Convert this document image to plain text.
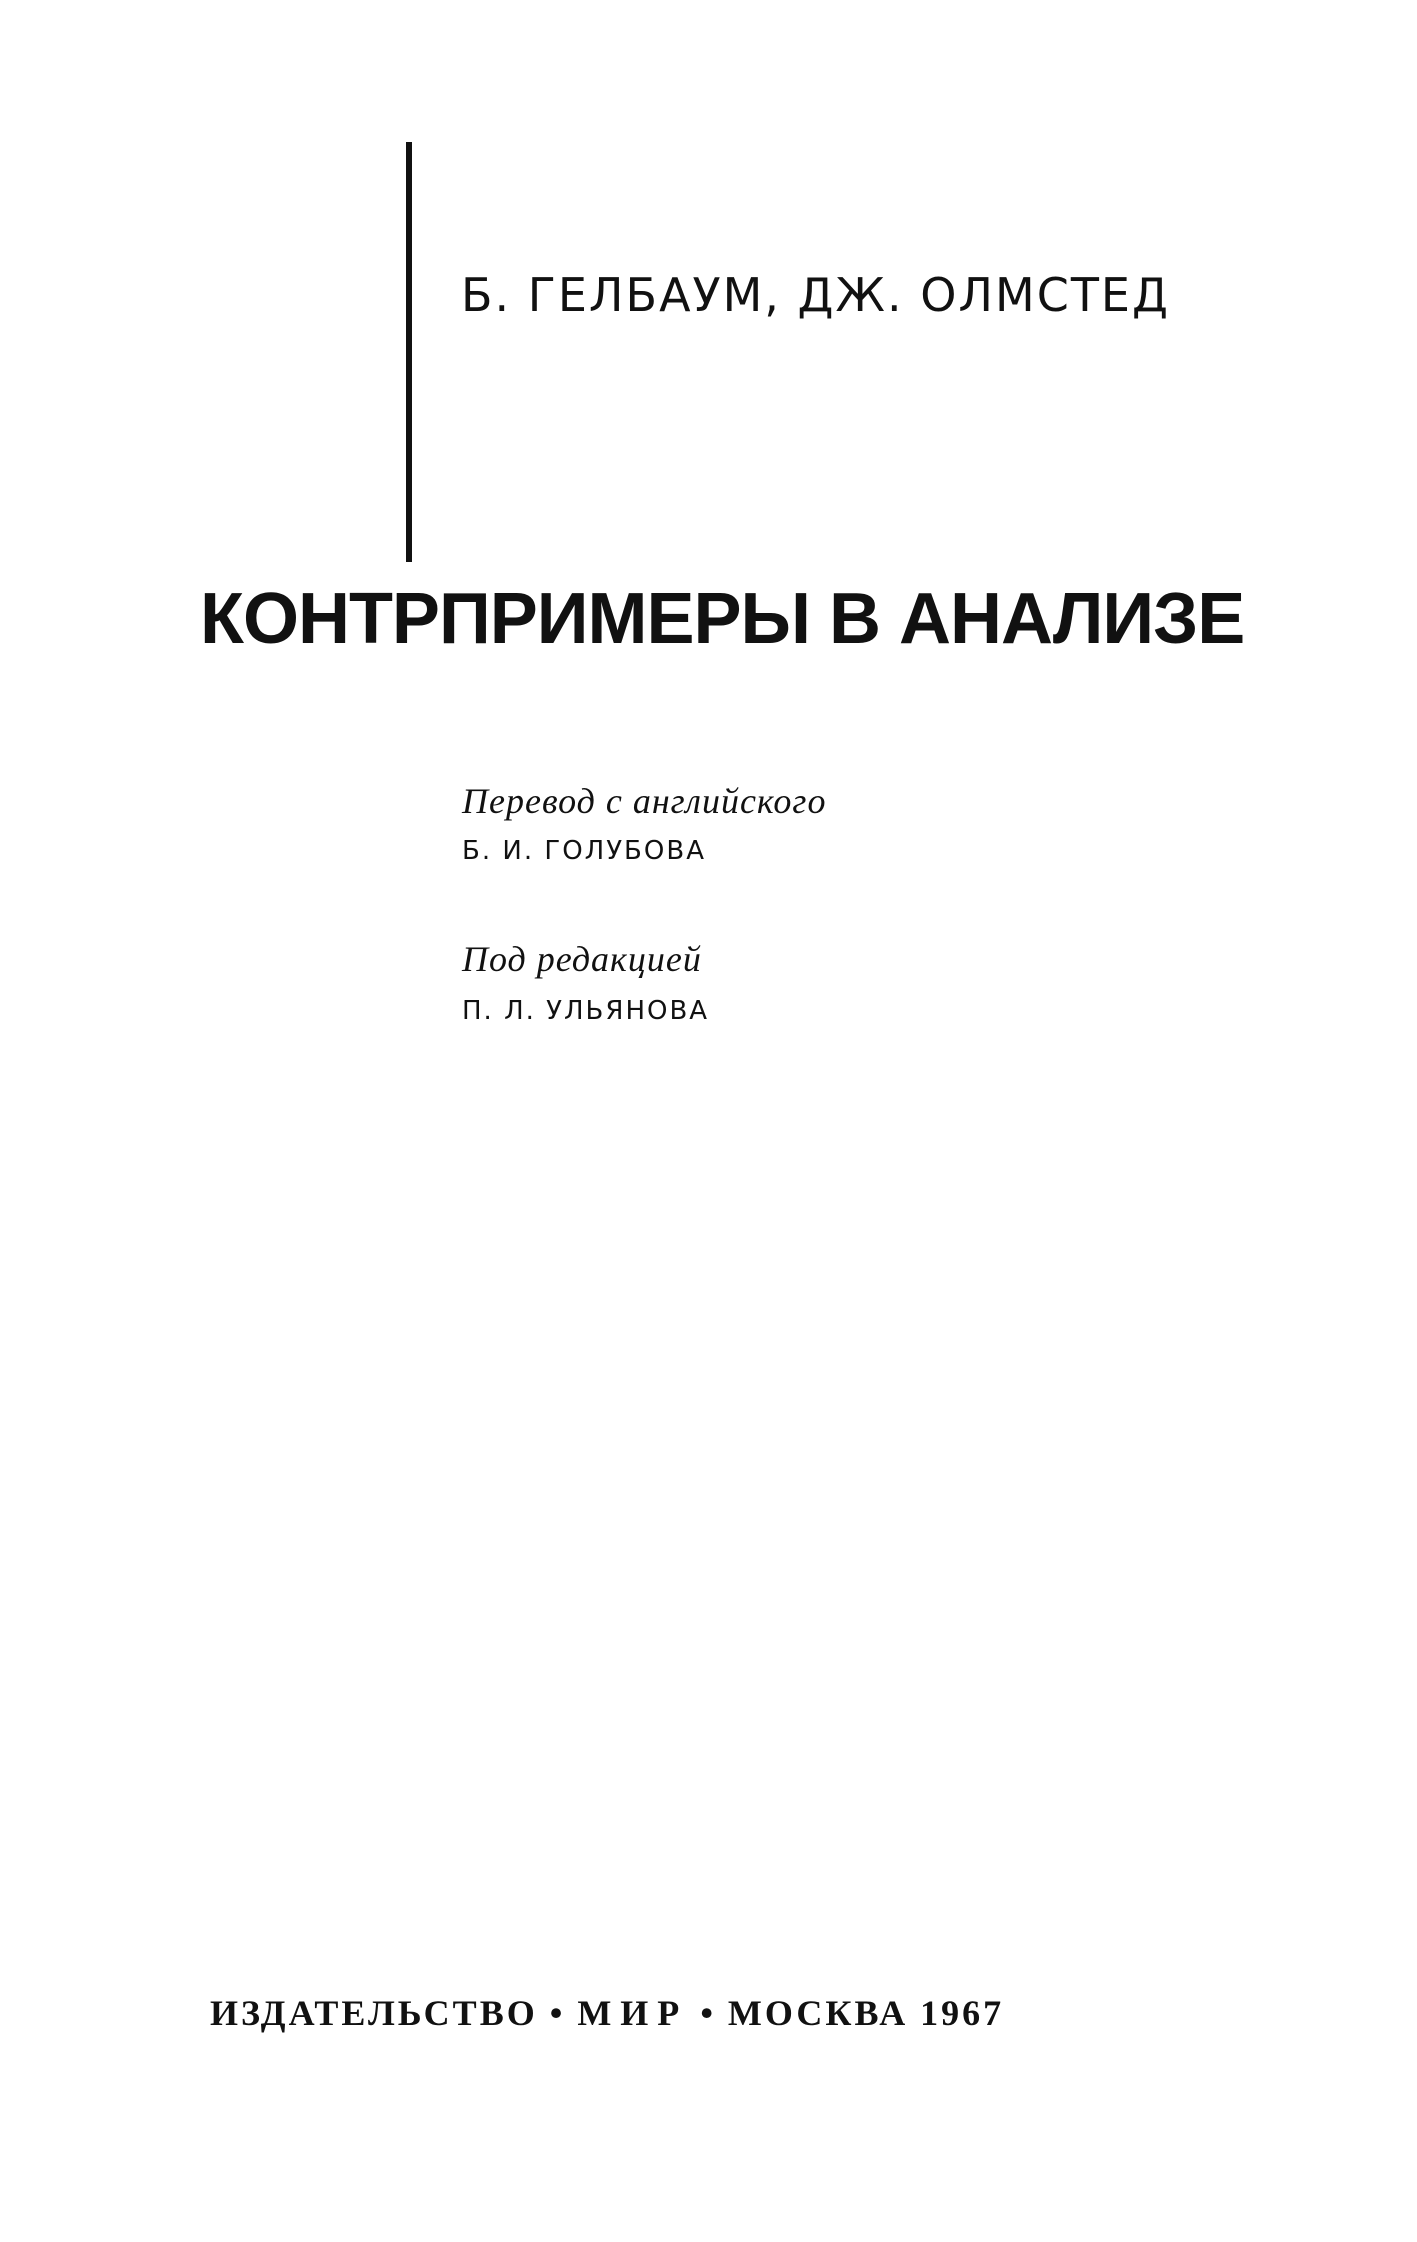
Б. ГЕЛБАУМ, ДЖ. ОЛМСТЕД
КОНТРПРИМЕРЫ В АНАЛИЗЕ
Перевод с английского
Б. И. ГОЛУБОВА
Под редакцией
П. Л. УЛЬЯНОВА
ИЗДАТЕЛЬСТВО • МИР • МОСКВА 1967
